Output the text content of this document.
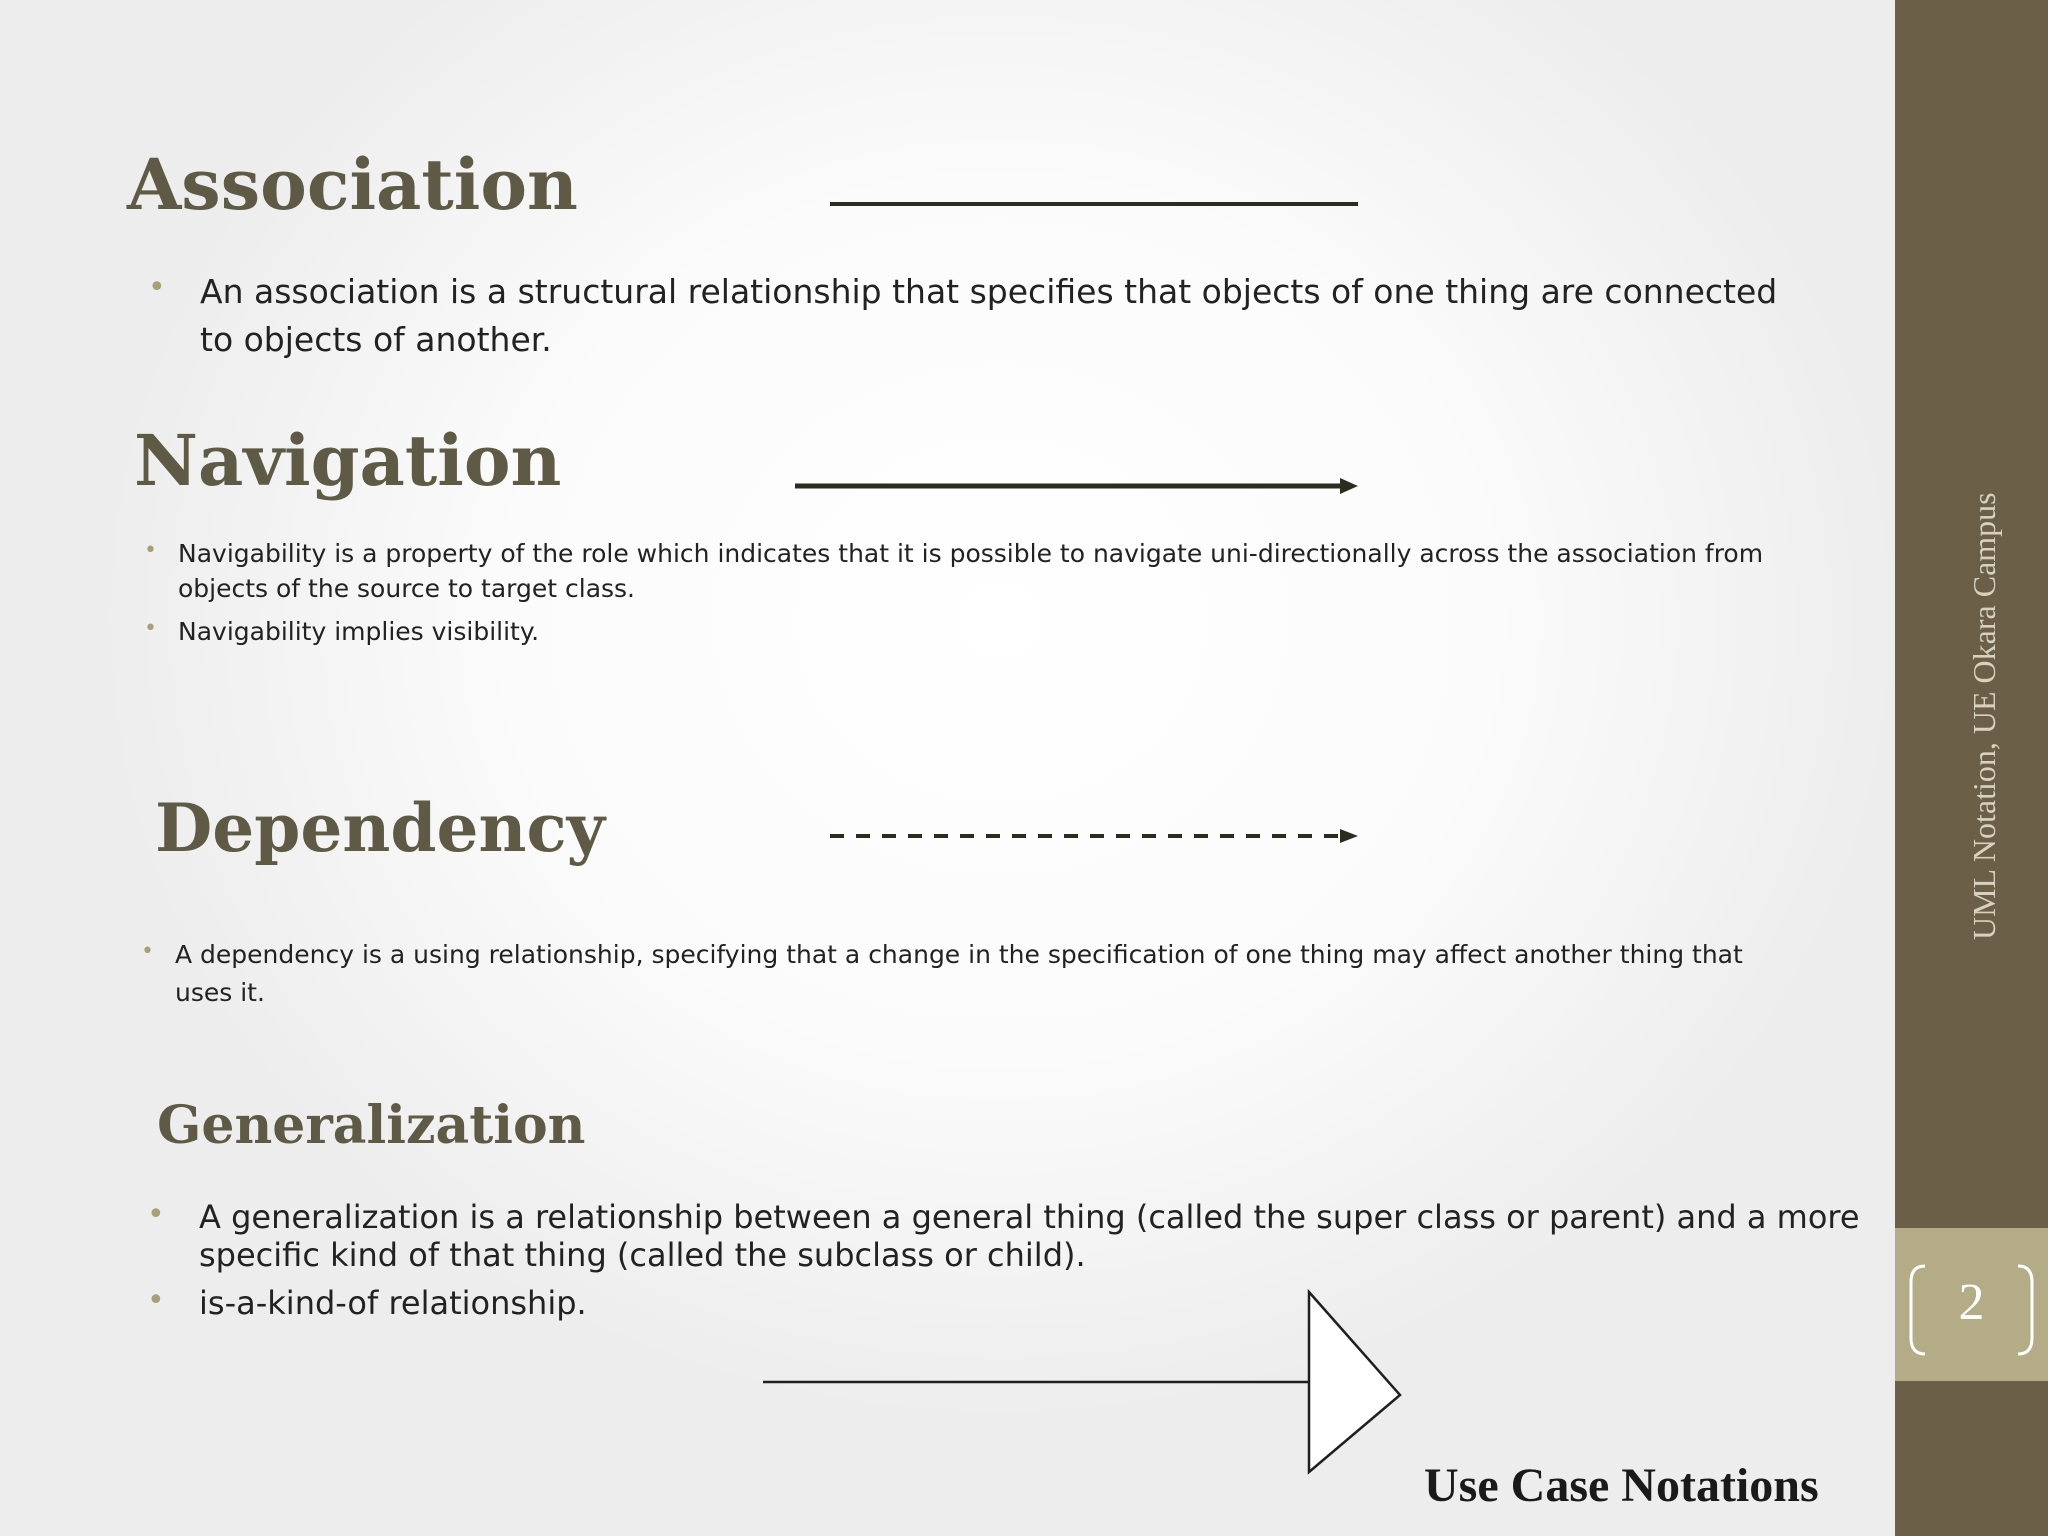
Association
• An association is a structural relationship that specifies that objects of one thing are connected to objects of another.
Navigation
• Navigability is a property of the role which indicates that it is possible to navigate uni-directionally across the association from objects of the source to target class.
• Navigability implies visibility.
Dependency
• A dependency is a using relationship, specifying that a change in the specification of one thing may affect another thing that uses it.
Generalization
• A generalization is a relationship between a general thing (called the super class or parent) and a more specific kind of that thing (called the subclass or child).
• is-a-kind-of relationship.
Use Case Notations
UML Notation, UE Okara Campus
2
